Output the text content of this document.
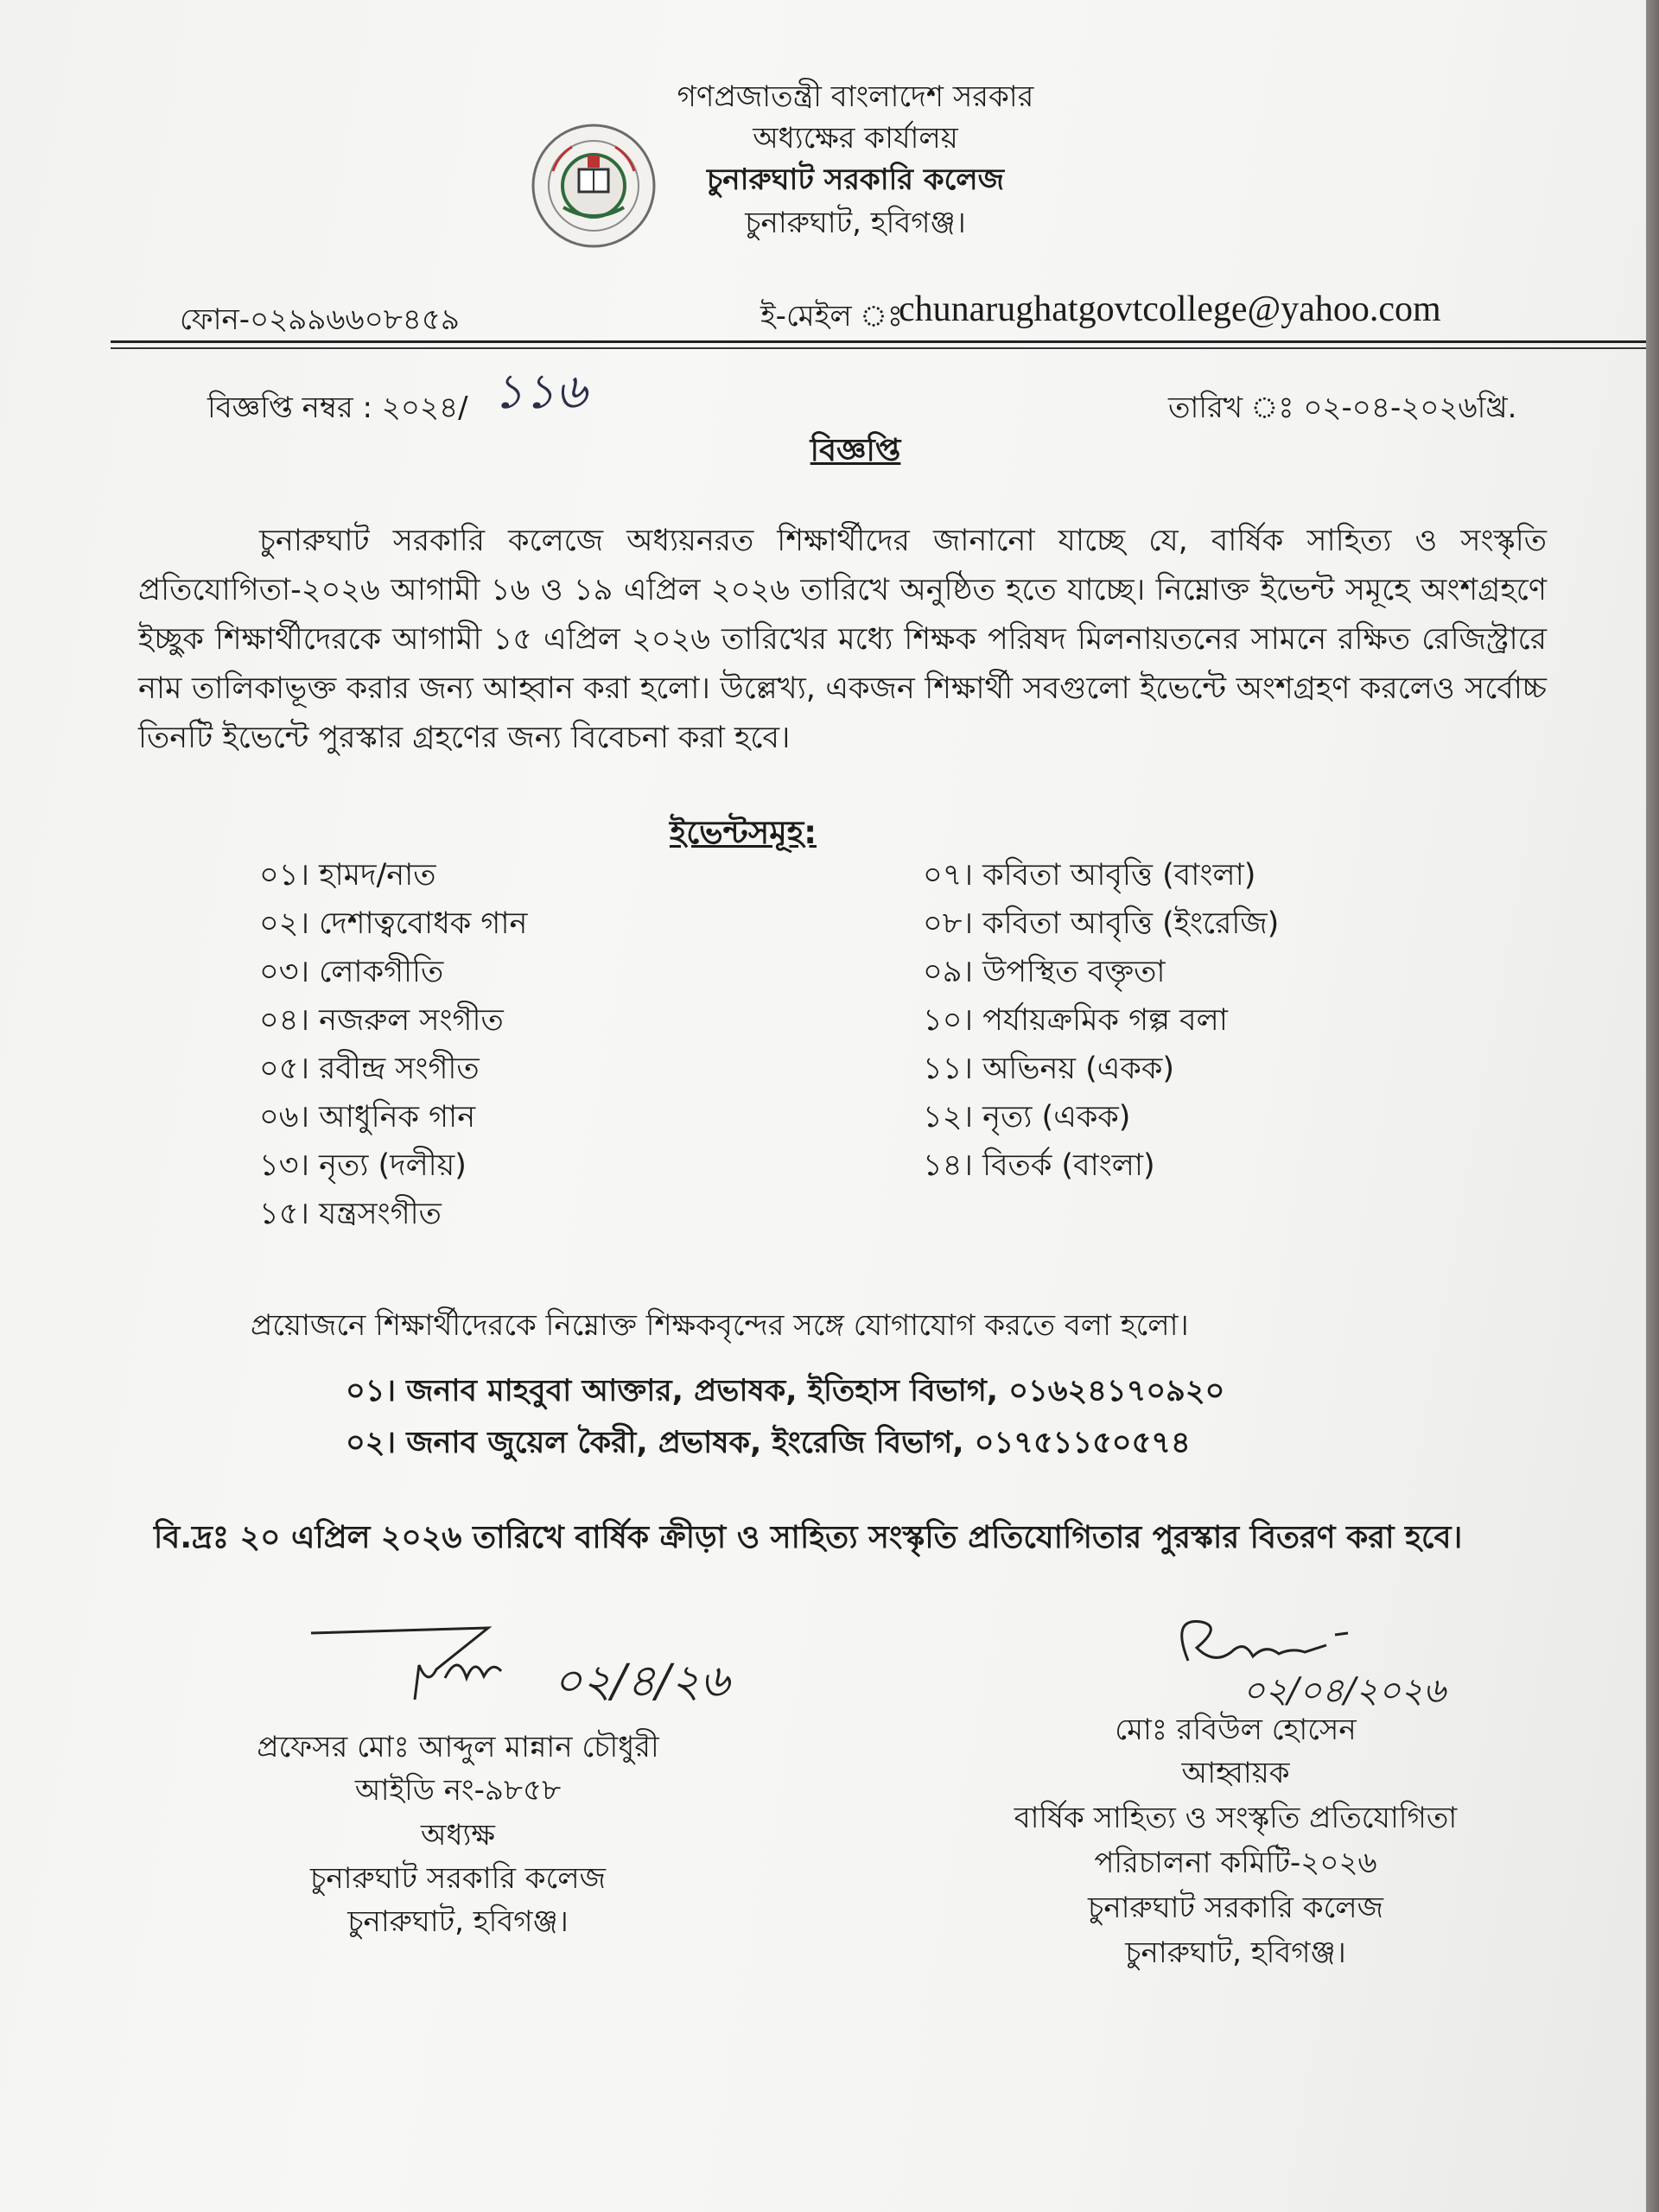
গণপ্রজাতন্ত্রী বাংলাদেশ সরকার
অধ্যক্ষের কার্যালয়
চুনারুঘাট সরকারি কলেজ
চুনারুঘাট, হবিগঞ্জ।
ফোন-০২৯৯৬৬০৮৪৫৯	ই-মেইল ঃ
chunarughatgovtcollege@yahoo.com
বিজ্ঞপ্তি নম্বর : ২০২৪/ ১১৬	তারিখ ঃ ০২-০৪-২০২৬খ্রি.
বিজ্ঞপ্তি
চুনারুঘাট সরকারি কলেজে অধ্যয়নরত শিক্ষার্থীদের জানানো যাচ্ছে যে, বার্ষিক সাহিত্য ও সংস্কৃতি প্রতিযোগিতা-২০২৬ আগামী ১৬ ও ১৯ এপ্রিল ২০২৬ তারিখে অনুষ্ঠিত হতে যাচ্ছে। নিম্নোক্ত ইভেন্ট সমূহে অংশগ্রহণে ইচ্ছুক শিক্ষার্থীদেরকে আগামী ১৫ এপ্রিল ২০২৬ তারিখের মধ্যে শিক্ষক পরিষদ মিলনায়তনের সামনে রক্ষিত রেজিস্ট্রারে নাম তালিকাভূক্ত করার জন্য আহ্বান করা হলো। উল্লেখ্য, একজন শিক্ষার্থী সবগুলো ইভেন্টে অংশগ্রহণ করলেও সর্বোচ্চ তিনটি ইভেন্টে পুরস্কার গ্রহণের জন্য বিবেচনা করা হবে।
ইভেন্টসমূহ:
০১। হামদ/নাত
০২। দেশাত্ববোধক গান
০৩। লোকগীতি
০৪। নজরুল সংগীত
০৫। রবীন্দ্র সংগীত
০৬। আধুনিক গান
১৩। নৃত্য (দলীয়)
১৫। যন্ত্রসংগীত
০৭। কবিতা আবৃত্তি (বাংলা)
০৮। কবিতা আবৃত্তি (ইংরেজি)
০৯। উপস্থিত বক্তৃতা
১০। পর্যায়ক্রমিক গল্প বলা
১১। অভিনয় (একক)
১২। নৃত্য (একক)
১৪। বিতর্ক (বাংলা)
প্রয়োজনে শিক্ষার্থীদেরকে নিম্নোক্ত শিক্ষকবৃন্দের সঙ্গে যোগাযোগ করতে বলা হলো।
০১। জনাব মাহবুবা আক্তার, প্রভাষক, ইতিহাস বিভাগ, ০১৬২৪১৭০৯২০
০২। জনাব জুয়েল কৈরী, প্রভাষক, ইংরেজি বিভাগ, ০১৭৫১১৫০৫৭৪
বি.দ্রঃ ২০ এপ্রিল ২০২৬ তারিখে বার্ষিক ক্রীড়া ও সাহিত্য সংস্কৃতি প্রতিযোগিতার পুরস্কার বিতরণ করা হবে।
০২/৪/২৬
প্রফেসর মোঃ আব্দুল মান্নান চৌধুরী
আইডি নং-৯৮৫৮
অধ্যক্ষ
চুনারুঘাট সরকারি কলেজ
চুনারুঘাট, হবিগঞ্জ।
০২/০৪/২০২৬
মোঃ রবিউল হোসেন
আহ্বায়ক
বার্ষিক সাহিত্য ও সংস্কৃতি প্রতিযোগিতা
পরিচালনা কমিটি-২০২৬
চুনারুঘাট সরকারি কলেজ
চুনারুঘাট, হবিগঞ্জ।
